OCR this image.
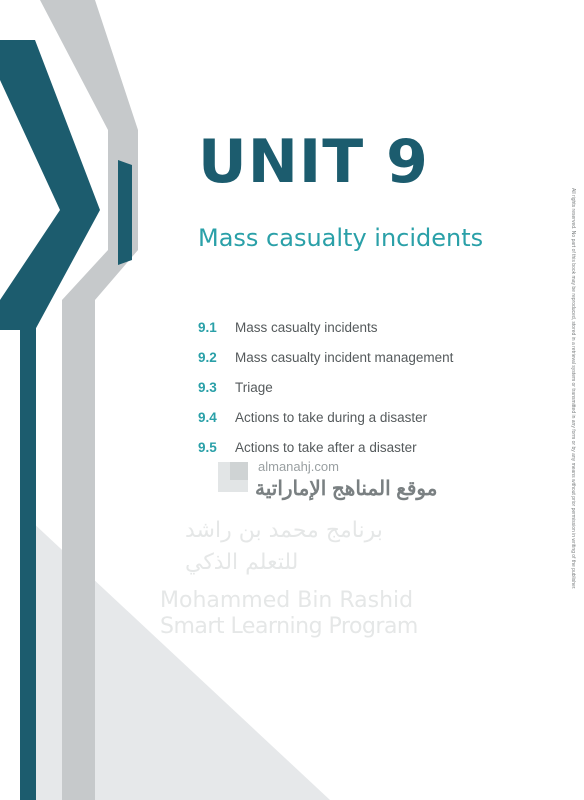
برنامج محمد بن راشد
للتعلم الذكي
Mohammed Bin Rashid
Smart Learning Program
almanahj.com
موقع المناهج الإماراتية
UNIT 9
Mass casualty incidents
9.1	Mass casualty incidents
9.2	Mass casualty incident management
9.3	Triage
9.4	Actions to take during a disaster
9.5	Actions to take after a disaster	All rights reserved. No part of this book may be reproduced, stored in a retrieval system or transmitted in any form or by any means without prior permission in writing of the publisher.
